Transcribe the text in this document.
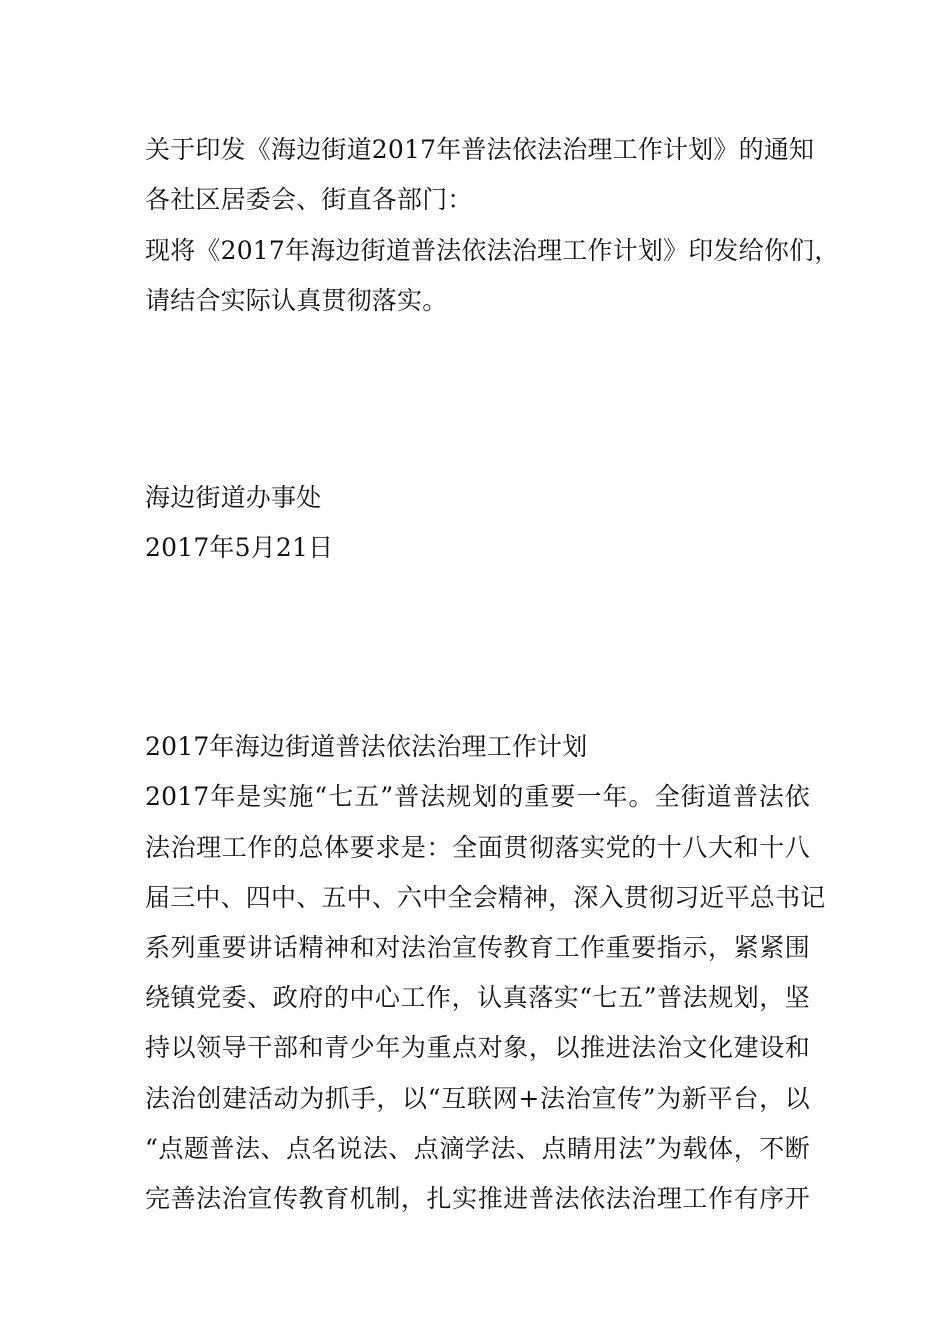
关于印发《海边街道2017年普法依法治理工作计划》的通知
各社区居委会、街直各部门：
现将《2017年海边街道普法依法治理工作计划》印发给你们，
请结合实际认真贯彻落实。
海边街道办事处
2017年5月21日
2017年海边街道普法依法治理工作计划
2017年是实施“七五”普法规划的重要一年。全街道普法依
法治理工作的总体要求是：全面贯彻落实党的十八大和十八
届三中、四中、五中、六中全会精神，深入贯彻习近平总书记
系列重要讲话精神和对法治宣传教育工作重要指示，紧紧围
绕镇党委、政府的中心工作，认真落实“七五”普法规划，坚
持以领导干部和青少年为重点对象，以推进法治文化建设和
法治创建活动为抓手，以“互联网+法治宣传”为新平台，以
“点题普法、点名说法、点滴学法、点睛用法”为载体，不断
完善法治宣传教育机制，扎实推进普法依法治理工作有序开
